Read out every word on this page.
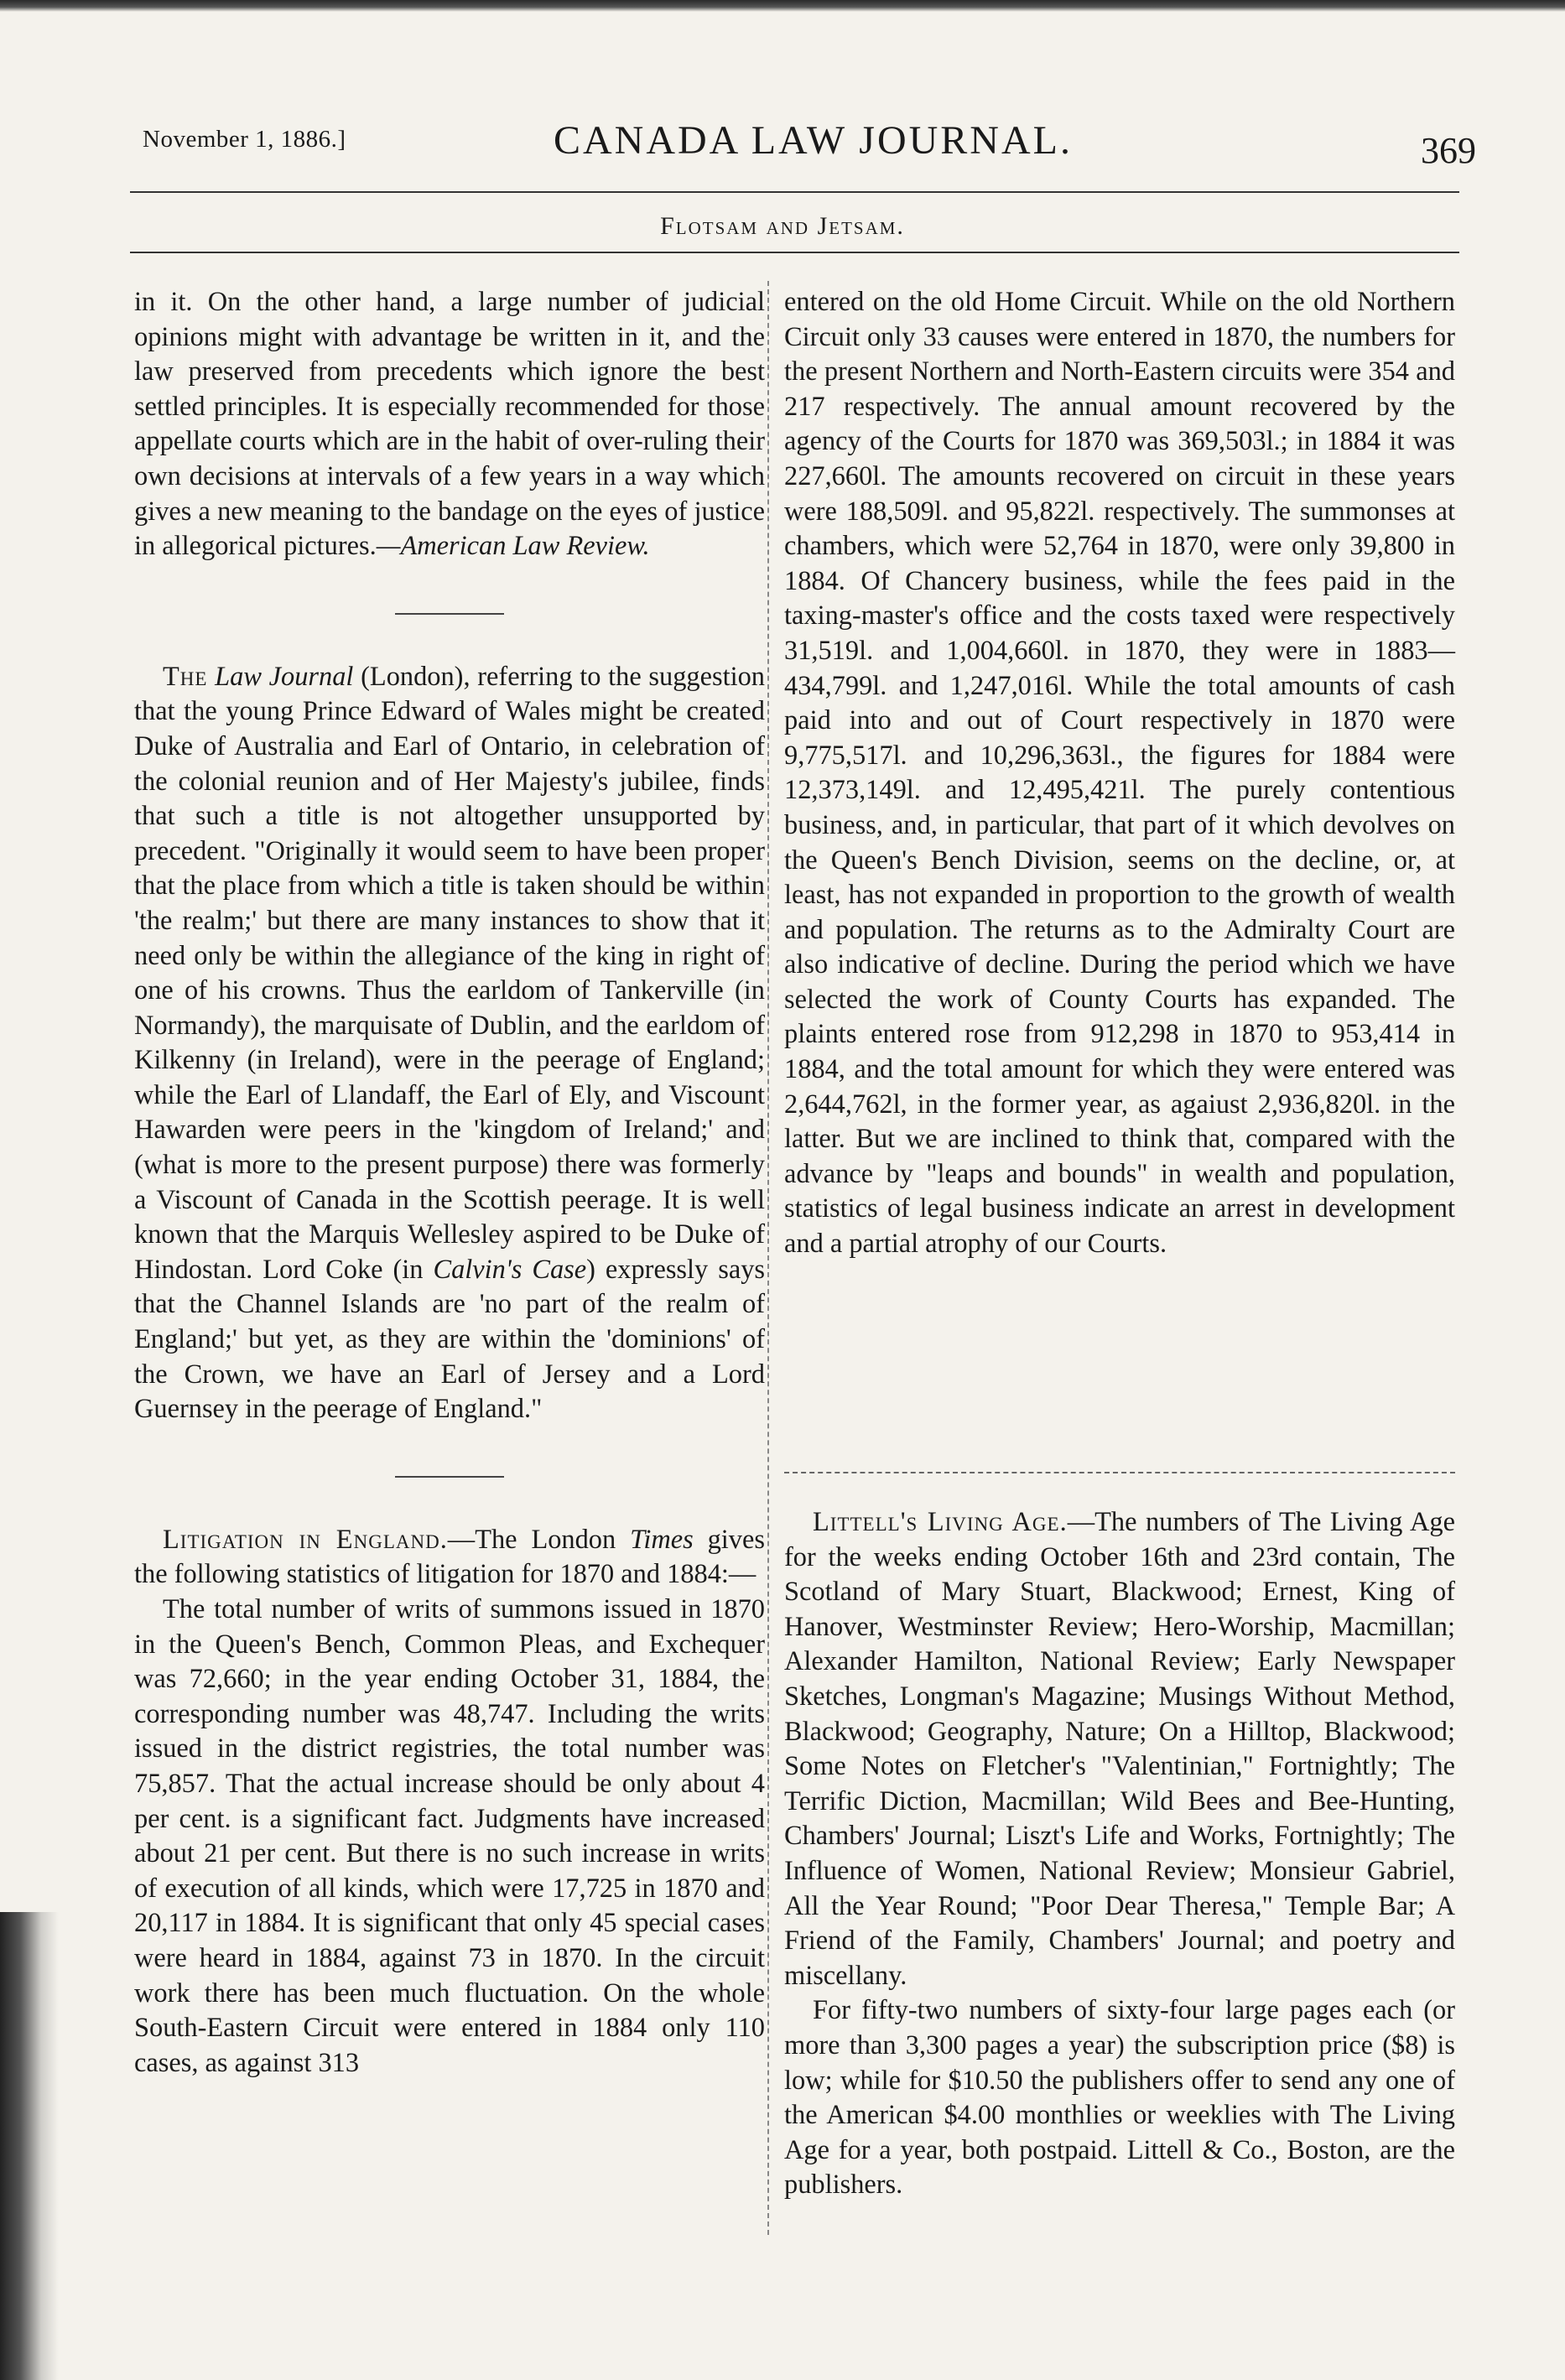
November 1, 1886.]	CANADA LAW JOURNAL.	369
Flotsam and Jetsam.

in it. On the other hand, a large number of judicial opinions might with advantage be written in it, and the law preserved from precedents which ignore the best settled principles. It is especially recommended for those appellate courts which are in the habit of over-ruling their own decisions at intervals of a few years in a way which gives a new meaning to the bandage on the eyes of justice in allegorical pictures.—American Law Review.

The Law Journal (London), referring to the suggestion that the young Prince Edward of Wales might be created Duke of Australia and Earl of Ontario, in celebration of the colonial reunion and of Her Majesty's jubilee, finds that such a title is not altogether unsupported by precedent. "Originally it would seem to have been proper that the place from which a title is taken should be within 'the realm;' but there are many instances to show that it need only be within the allegiance of the king in right of one of his crowns. Thus the earldom of Tankerville (in Normandy), the marquisate of Dublin, and the earldom of Kilkenny (in Ireland), were in the peerage of England; while the Earl of Llandaff, the Earl of Ely, and Viscount Hawarden were peers in the 'kingdom of Ireland;' and (what is more to the present purpose) there was formerly a Viscount of Canada in the Scottish peerage. It is well known that the Marquis Wellesley aspired to be Duke of Hindostan. Lord Coke (in Calvin's Case) expressly says that the Channel Islands are 'no part of the realm of England;' but yet, as they are within the 'dominions' of the Crown, we have an Earl of Jersey and a Lord Guernsey in the peerage of England."

Litigation in England.—The London Times gives the following statistics of litigation for 1870 and 1884:—

The total number of writs of summons issued in 1870 in the Queen's Bench, Common Pleas, and Exchequer was 72,660; in the year ending October 31, 1884, the corresponding number was 48,747. Including the writs issued in the district registries, the total number was 75,857. That the actual increase should be only about 4 per cent. is a significant fact. Judgments have increased about 21 per cent. But there is no such increase in writs of execution of all kinds, which were 17,725 in 1870 and 20,117 in 1884. It is significant that only 45 special cases were heard in 1884, against 73 in 1870. In the circuit work there has been much fluctuation. On the whole South-Eastern Circuit were entered in 1884 only 110 cases, as against 313

entered on the old Home Circuit. While on the old Northern Circuit only 33 causes were entered in 1870, the numbers for the present Northern and North-Eastern circuits were 354 and 217 respectively. The annual amount recovered by the agency of the Courts for 1870 was 369,503l.; in 1884 it was 227,660l. The amounts recovered on circuit in these years were 188,509l. and 95,822l. respectively. The summonses at chambers, which were 52,764 in 1870, were only 39,800 in 1884. Of Chancery business, while the fees paid in the taxing-master's office and the costs taxed were respectively 31,519l. and 1,004,660l. in 1870, they were in 1883—434,799l. and 1,247,016l. While the total amounts of cash paid into and out of Court respectively in 1870 were 9,775,517l. and 10,296,363l., the figures for 1884 were 12,373,149l. and 12,495,421l. The purely contentious business, and, in particular, that part of it which devolves on the Queen's Bench Division, seems on the decline, or, at least, has not expanded in proportion to the growth of wealth and population. The returns as to the Admiralty Court are also indicative of decline. During the period which we have selected the work of County Courts has expanded. The plaints entered rose from 912,298 in 1870 to 953,414 in 1884, and the total amount for which they were entered was 2,644,762l, in the former year, as agaiust 2,936,820l. in the latter. But we are inclined to think that, compared with the advance by "leaps and bounds" in wealth and population, statistics of legal business indicate an arrest in development and a partial atrophy of our Courts.

Littell's Living Age.—The numbers of The Living Age for the weeks ending October 16th and 23rd contain, The Scotland of Mary Stuart, Blackwood; Ernest, King of Hanover, Westminster Review; Hero-Worship, Macmillan; Alexander Hamilton, National Review; Early Newspaper Sketches, Longman's Magazine; Musings Without Method, Blackwood; Geography, Nature; On a Hilltop, Blackwood; Some Notes on Fletcher's "Valentinian," Fortnightly; The Terrific Diction, Macmillan; Wild Bees and Bee-Hunting, Chambers' Journal; Liszt's Life and Works, Fortnightly; The Influence of Women, National Review; Monsieur Gabriel, All the Year Round; "Poor Dear Theresa," Temple Bar; A Friend of the Family, Chambers' Journal; and poetry and miscellany.

For fifty-two numbers of sixty-four large pages each (or more than 3,300 pages a year) the subscription price ($8) is low; while for $10.50 the publishers offer to send any one of the American $4.00 monthlies or weeklies with The Living Age for a year, both postpaid. Littell & Co., Boston, are the publishers.
